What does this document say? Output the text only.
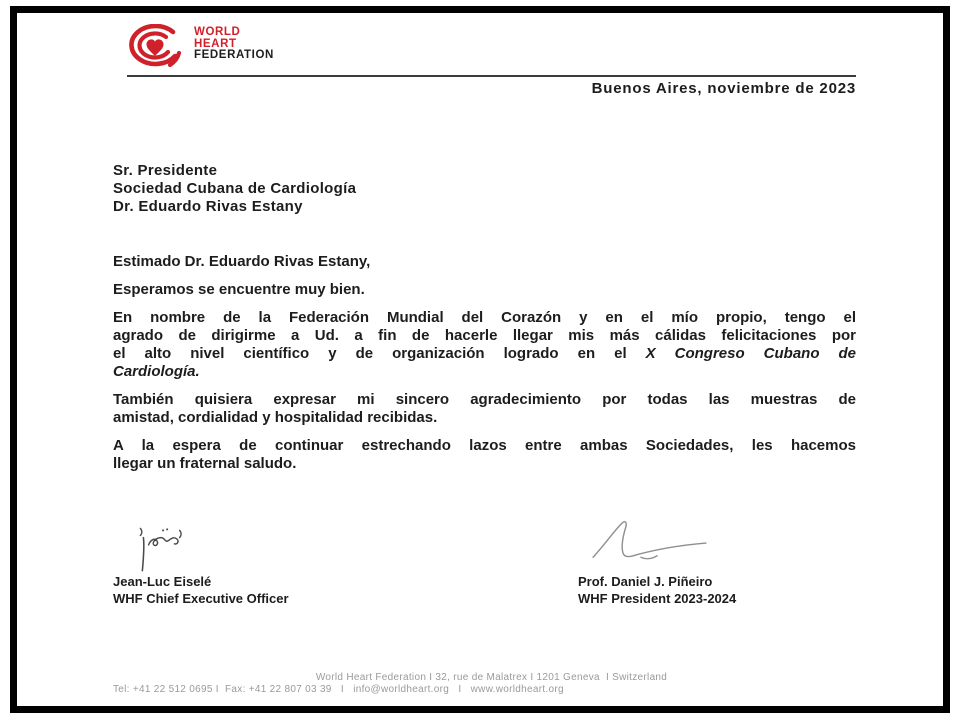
WORLD
HEART
FEDERATION
Buenos Aires, noviembre de 2023
Sr. Presidente
Sociedad Cubana de Cardiología
Dr. Eduardo Rivas Estany
Estimado Dr. Eduardo Rivas Estany,
Esperamos se encuentre muy bien.
En nombre de la Federación Mundial del Corazón y en el mío propio, tengo el
agrado de dirigirme a Ud. a fin de hacerle llegar mis más cálidas felicitaciones por
el alto nivel científico y de organización logrado en el X Congreso Cubano de
Cardiología.
También quisiera expresar mi sincero agradecimiento por todas las muestras de
amistad, cordialidad y hospitalidad recibidas.
A la espera de continuar estrechando lazos entre ambas Sociedades, les hacemos
llegar un fraternal saludo.
Jean-Luc Eiselé
WHF Chief Executive Officer
Prof. Daniel J. Piñeiro
WHF President 2023-2024
World Heart Federation I 32, rue de Malatrex I 1201 Geneva  I Switzerland
Tel: +41 22 512 0695 I  Fax: +41 22 807 03 39   I   info@worldheart.org   I   www.worldheart.org
